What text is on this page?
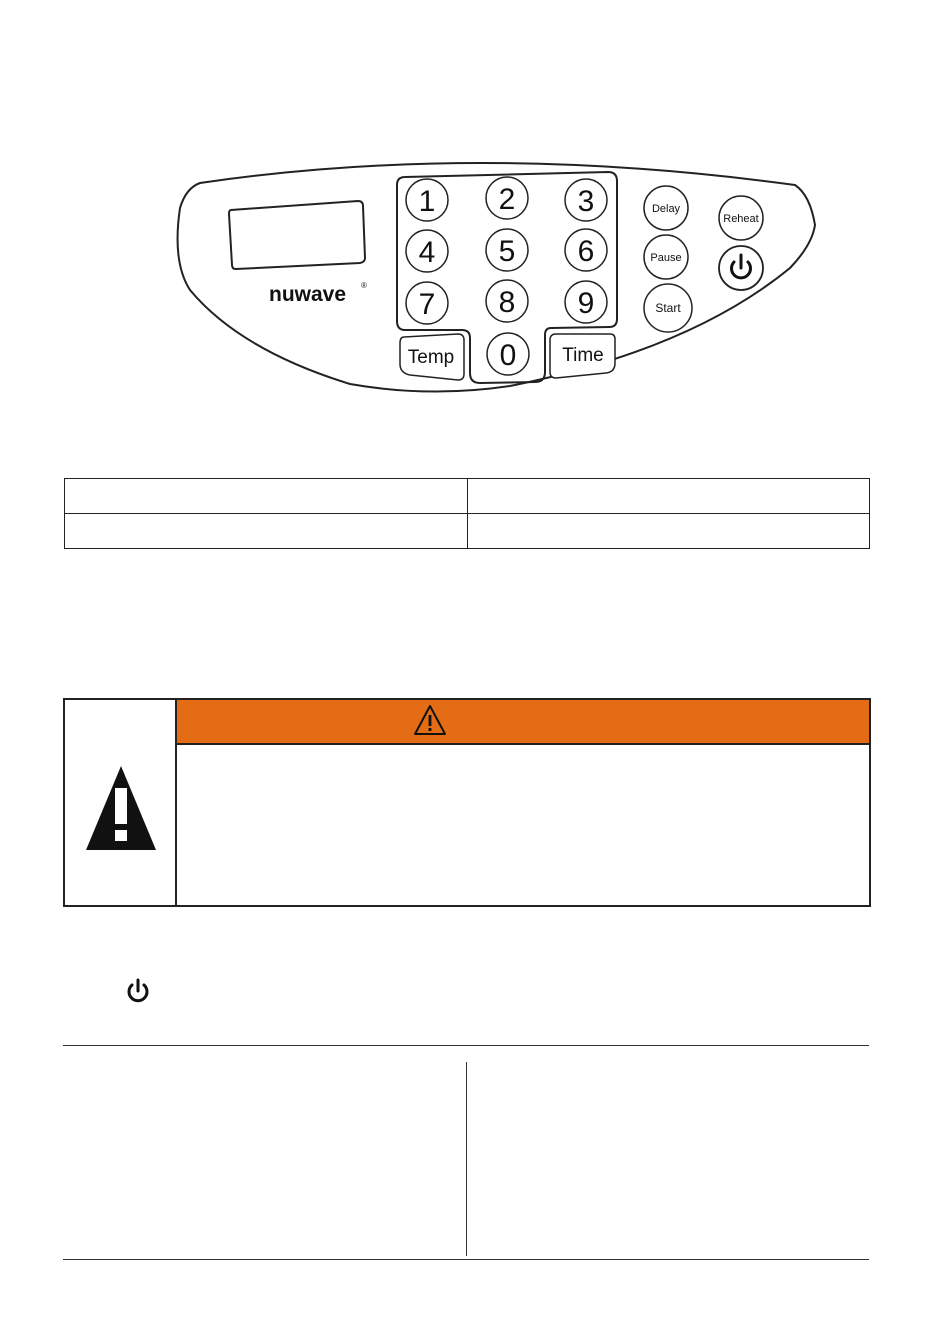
nuwave ®
1 2 3
4 5 6
7 8 9
0
Temp	Time
Delay
Pause
Start
Reheat
